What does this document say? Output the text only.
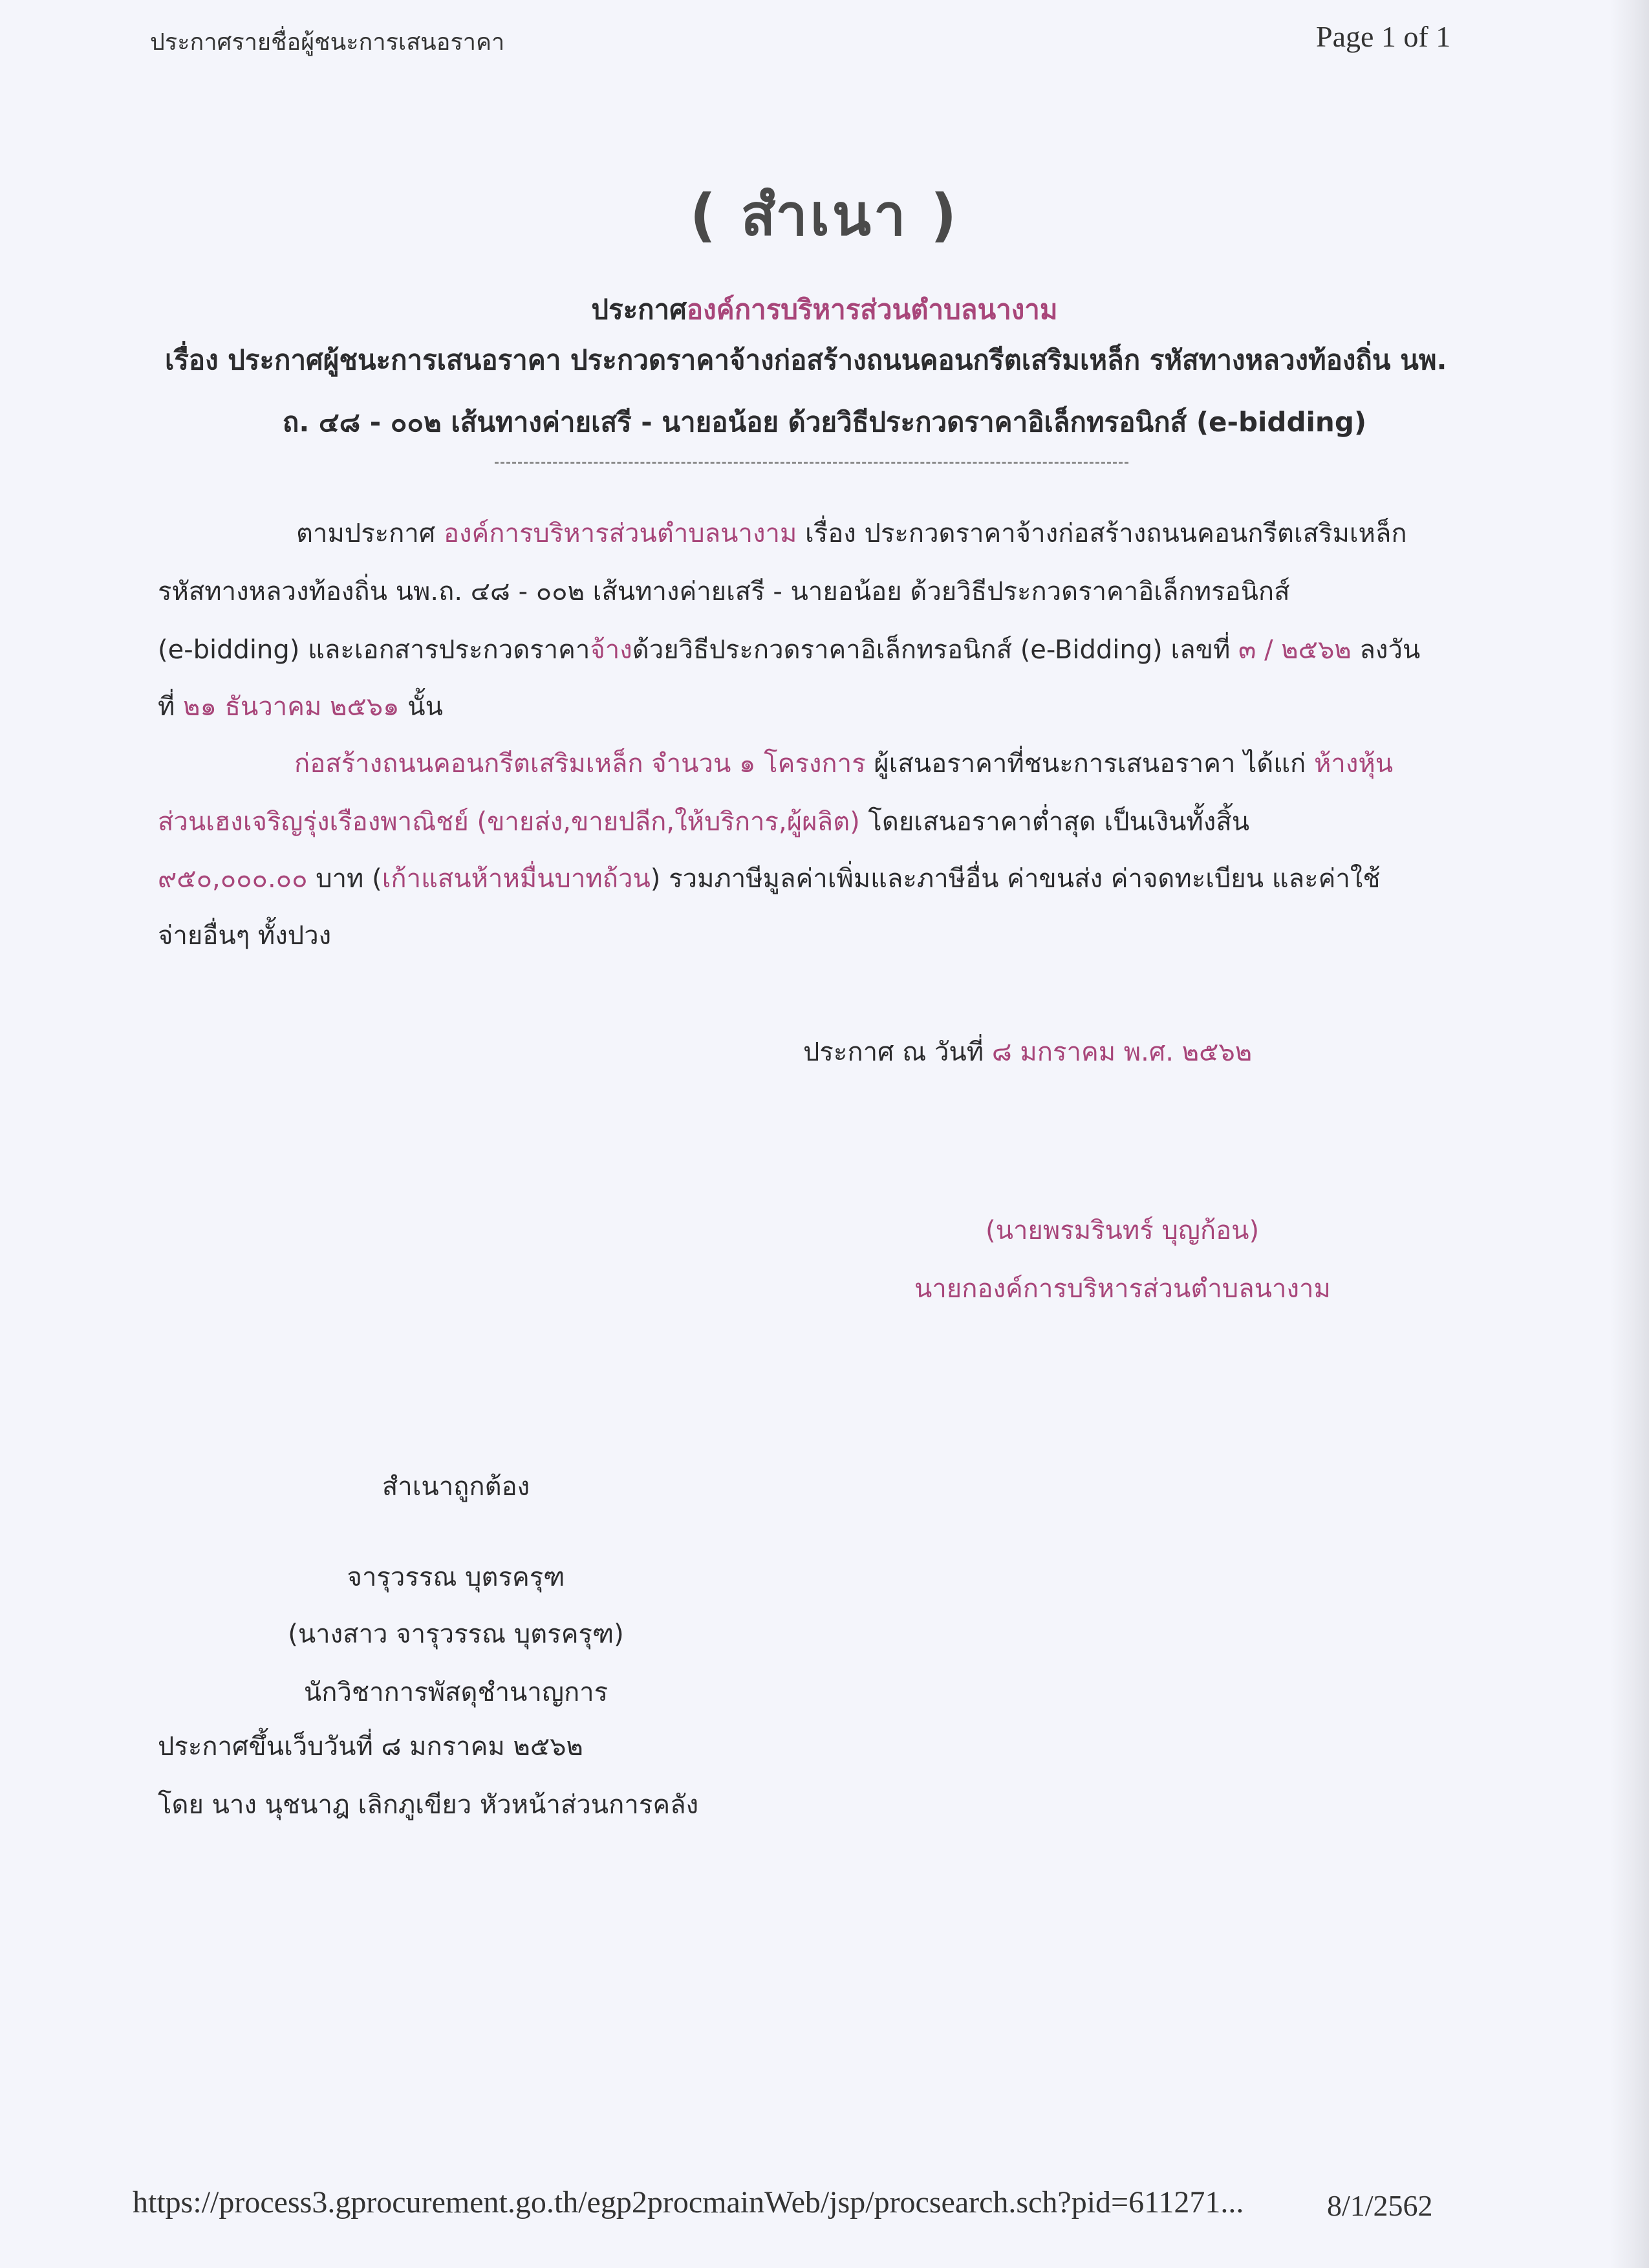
ประกาศรายชื่อผู้ชนะการเสนอราคา	Page 1 of 1
( สำเนา )
ประกาศองค์การบริหารส่วนตำบลนางาม
เรื่อง ประกาศผู้ชนะการเสนอราคา ประกวดราคาจ้างก่อสร้างถนนคอนกรีตเสริมเหล็ก รหัสทางหลวงท้องถิ่น นพ.
ถ. ๔๘ - ๐๐๒ เส้นทางค่ายเสรี - นายอน้อย ด้วยวิธีประกวดราคาอิเล็กทรอนิกส์ (e-bidding)
ตามประกาศ องค์การบริหารส่วนตำบลนางาม เรื่อง ประกวดราคาจ้างก่อสร้างถนนคอนกรีตเสริมเหล็ก
รหัสทางหลวงท้องถิ่น นพ.ถ. ๔๘ - ๐๐๒ เส้นทางค่ายเสรี - นายอน้อย ด้วยวิธีประกวดราคาอิเล็กทรอนิกส์
(e-bidding) และเอกสารประกวดราคาจ้างด้วยวิธีประกวดราคาอิเล็กทรอนิกส์ (e-Bidding) เลขที่ ๓ / ๒๕๖๒ ลงวัน
ที่ ๒๑ ธันวาคม ๒๕๖๑ นั้น
ก่อสร้างถนนคอนกรีตเสริมเหล็ก จำนวน ๑ โครงการ ผู้เสนอราคาที่ชนะการเสนอราคา ได้แก่ ห้างหุ้น
ส่วนเฮงเจริญรุ่งเรืองพาณิชย์ (ขายส่ง,ขายปลีก,ให้บริการ,ผู้ผลิต) โดยเสนอราคาต่ำสุด เป็นเงินทั้งสิ้น
๙๕๐,๐๐๐.๐๐ บาท (เก้าแสนห้าหมื่นบาทถ้วน) รวมภาษีมูลค่าเพิ่มและภาษีอื่น ค่าขนส่ง ค่าจดทะเบียน และค่าใช้
จ่ายอื่นๆ ทั้งปวง
ประกาศ ณ วันที่ ๘ มกราคม พ.ศ. ๒๕๖๒
(นายพรมรินทร์ บุญก้อน)
นายกองค์การบริหารส่วนตำบลนางาม
สำเนาถูกต้อง
จารุวรรณ บุตรครุฑ
(นางสาว จารุวรรณ บุตรครุฑ)
นักวิชาการพัสดุชำนาญการ
ประกาศขึ้นเว็บวันที่ ๘ มกราคม ๒๕๖๒
โดย นาง นุชนาฎ เลิกภูเขียว หัวหน้าส่วนการคลัง
https://process3.gprocurement.go.th/egp2procmainWeb/jsp/procsearch.sch?pid=611271...	8/1/2562
